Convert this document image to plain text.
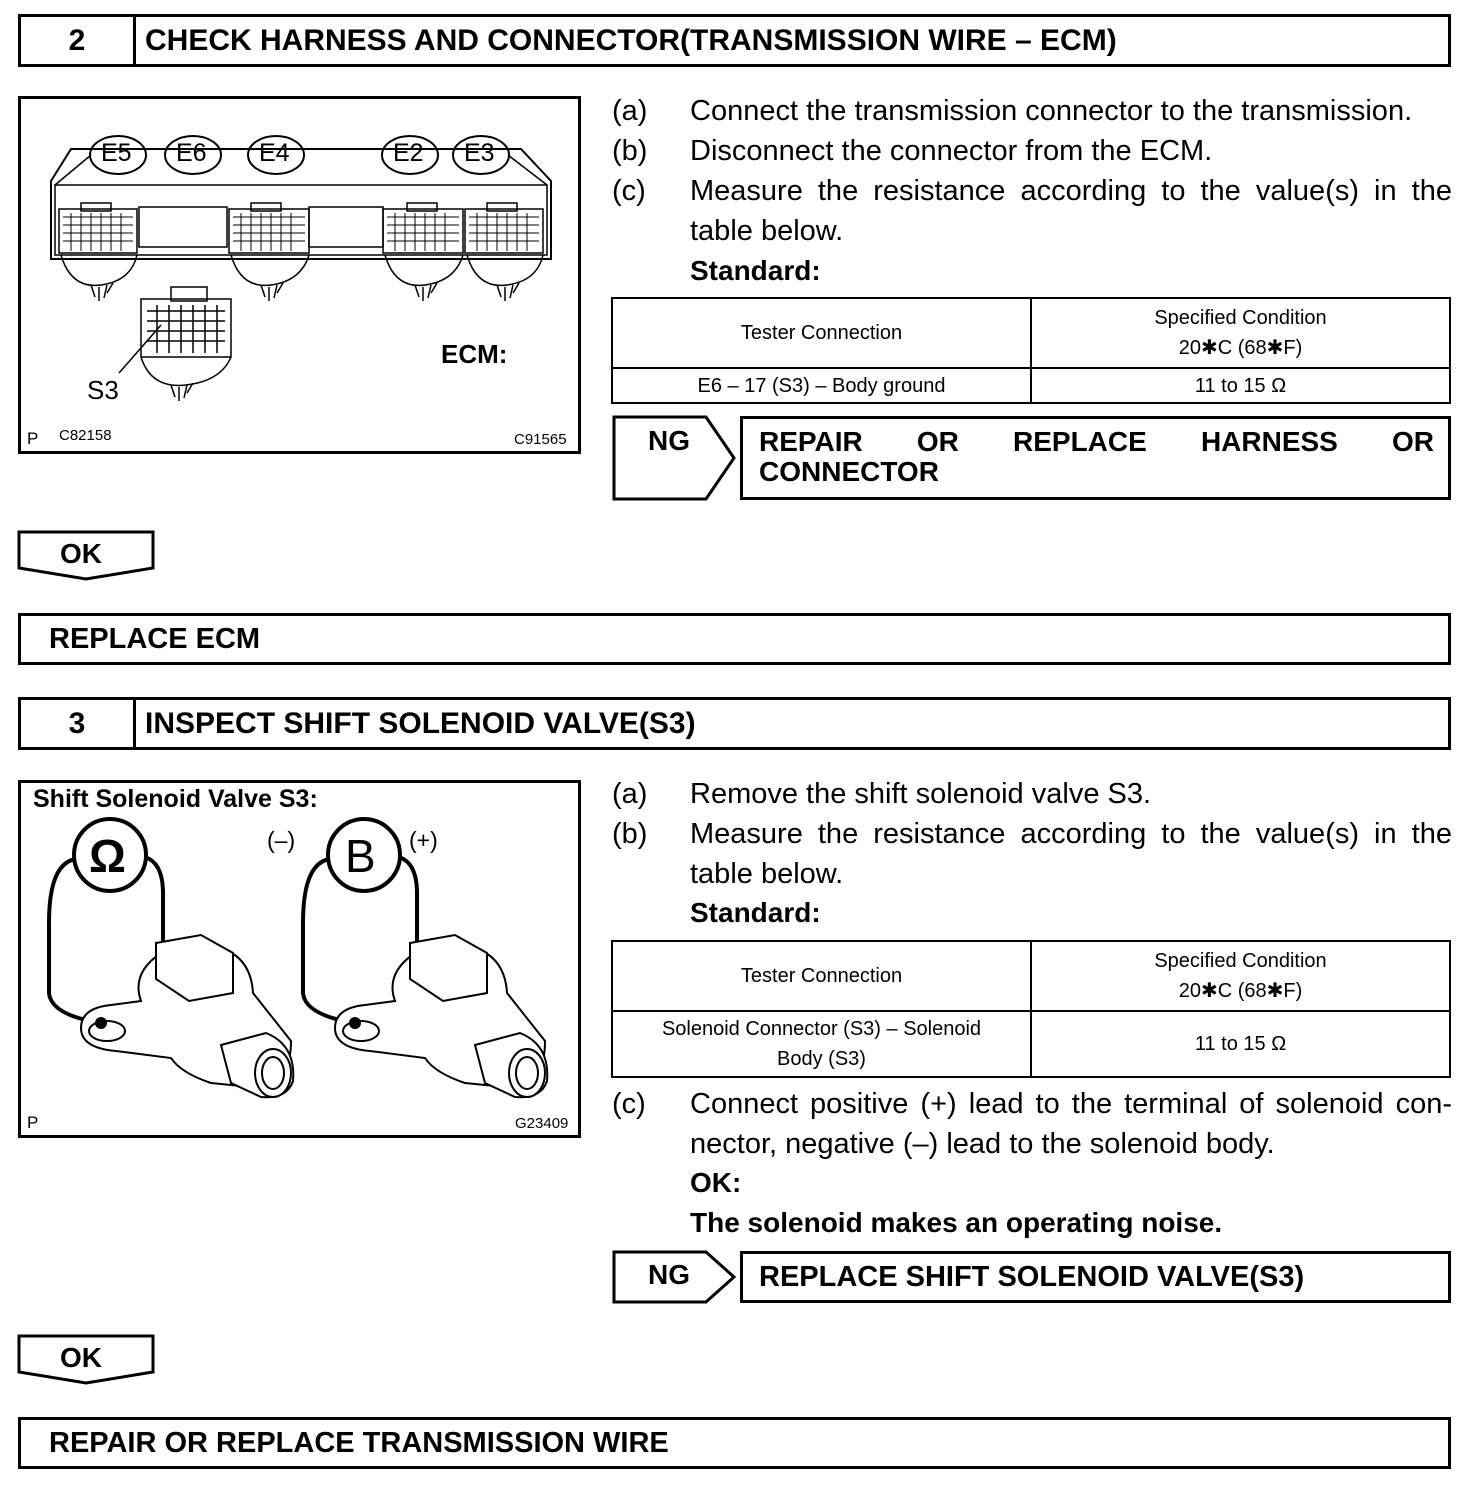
2	CHECK HARNESS AND CONNECTOR(TRANSMISSION WIRE – ECM)
E5 E6 E4	E2 E3
ECM:
S3
P C82158	C91565
(a) Connect the transmission connector to the transmission.
(b) Disconnect the connector from the ECM.
(c) Measure the resistance according to the value(s) in the
table below.
Standard:
Tester Connection	Specified Condition
20✱C (68✱F)

E6 – 17 (S3) – Body ground	11 to 15 Ω
NG REPAIR    OR    REPLACE    HARNESS    OR
CONNECTOR
OK
REPLACE ECM
3	INSPECT SHIFT SOLENOID VALVE(S3)
Shift Solenoid Valve S3:
Ω	B
(–)	(+)
P	G23409
(a) Remove the shift solenoid valve S3.
(b) Measure the resistance according to the value(s) in the
table below.
Standard:
Tester Connection	Specified Condition
20✱C (68✱F)

Solenoid Connector (S3) – Solenoid
Body (S3)	11 to 15 Ω
(c) Connect positive (+) lead to the terminal of solenoid con-
nector, negative (–) lead to the solenoid body.
OK:
The solenoid makes an operating noise.
NG	REPLACE SHIFT SOLENOID VALVE(S3)
OK
REPAIR OR REPLACE TRANSMISSION WIRE
